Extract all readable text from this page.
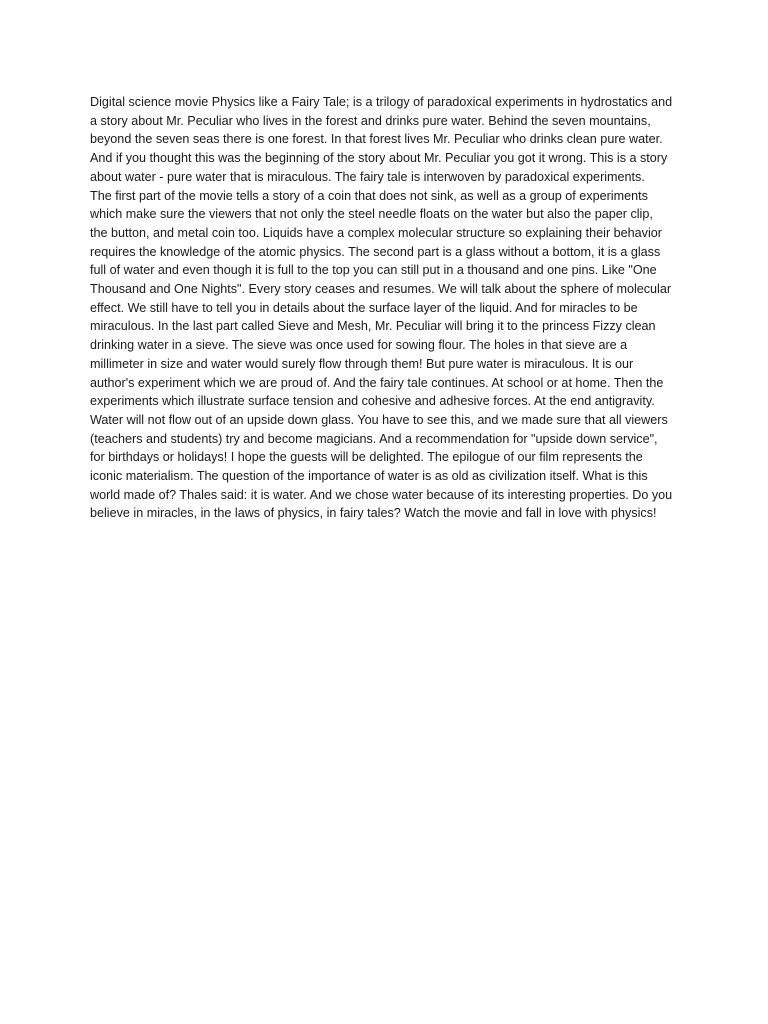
Digital science movie Physics like a Fairy Tale; is a trilogy of paradoxical experiments in hydrostatics and
a story about Mr. Peculiar who lives in the forest and drinks pure water. Behind the seven mountains,
beyond the seven seas there is one forest. In that forest lives Mr. Peculiar who drinks clean pure water.
And if you thought this was the beginning of the story about Mr. Peculiar you got it wrong. This is a story
about water - pure water that is miraculous. The fairy tale is interwoven by paradoxical experiments.
The first part of the movie tells a story of a coin that does not sink, as well as a group of experiments
which make sure the viewers that not only the steel needle floats on the water but also the paper clip,
the button, and metal coin too. Liquids have a complex molecular structure so explaining their behavior
requires the knowledge of the atomic physics. The second part is a glass without a bottom, it is a glass
full of water and even though it is full to the top you can still put in a thousand and one pins. Like "One
Thousand and One Nights". Every story ceases and resumes. We will talk about the sphere of molecular
effect. We still have to tell you in details about the surface layer of the liquid. And for miracles to be
miraculous. In the last part called Sieve and Mesh, Mr. Peculiar will bring it to the princess Fizzy clean
drinking water in a sieve. The sieve was once used for sowing flour. The holes in that sieve are a
millimeter in size and water would surely flow through them! But pure water is miraculous. It is our
author's experiment which we are proud of. And the fairy tale continues. At school or at home. Then the
experiments which illustrate surface tension and cohesive and adhesive forces. At the end antigravity.
Water will not flow out of an upside down glass. You have to see this, and we made sure that all viewers
(teachers and students) try and become magicians. And a recommendation for "upside down service",
for birthdays or holidays! I hope the guests will be delighted. The epilogue of our film represents the
iconic materialism. The question of the importance of water is as old as civilization itself. What is this
world made of? Thales said: it is water. And we chose water because of its interesting properties. Do you
believe in miracles, in the laws of physics, in fairy tales? Watch the movie and fall in love with physics!
